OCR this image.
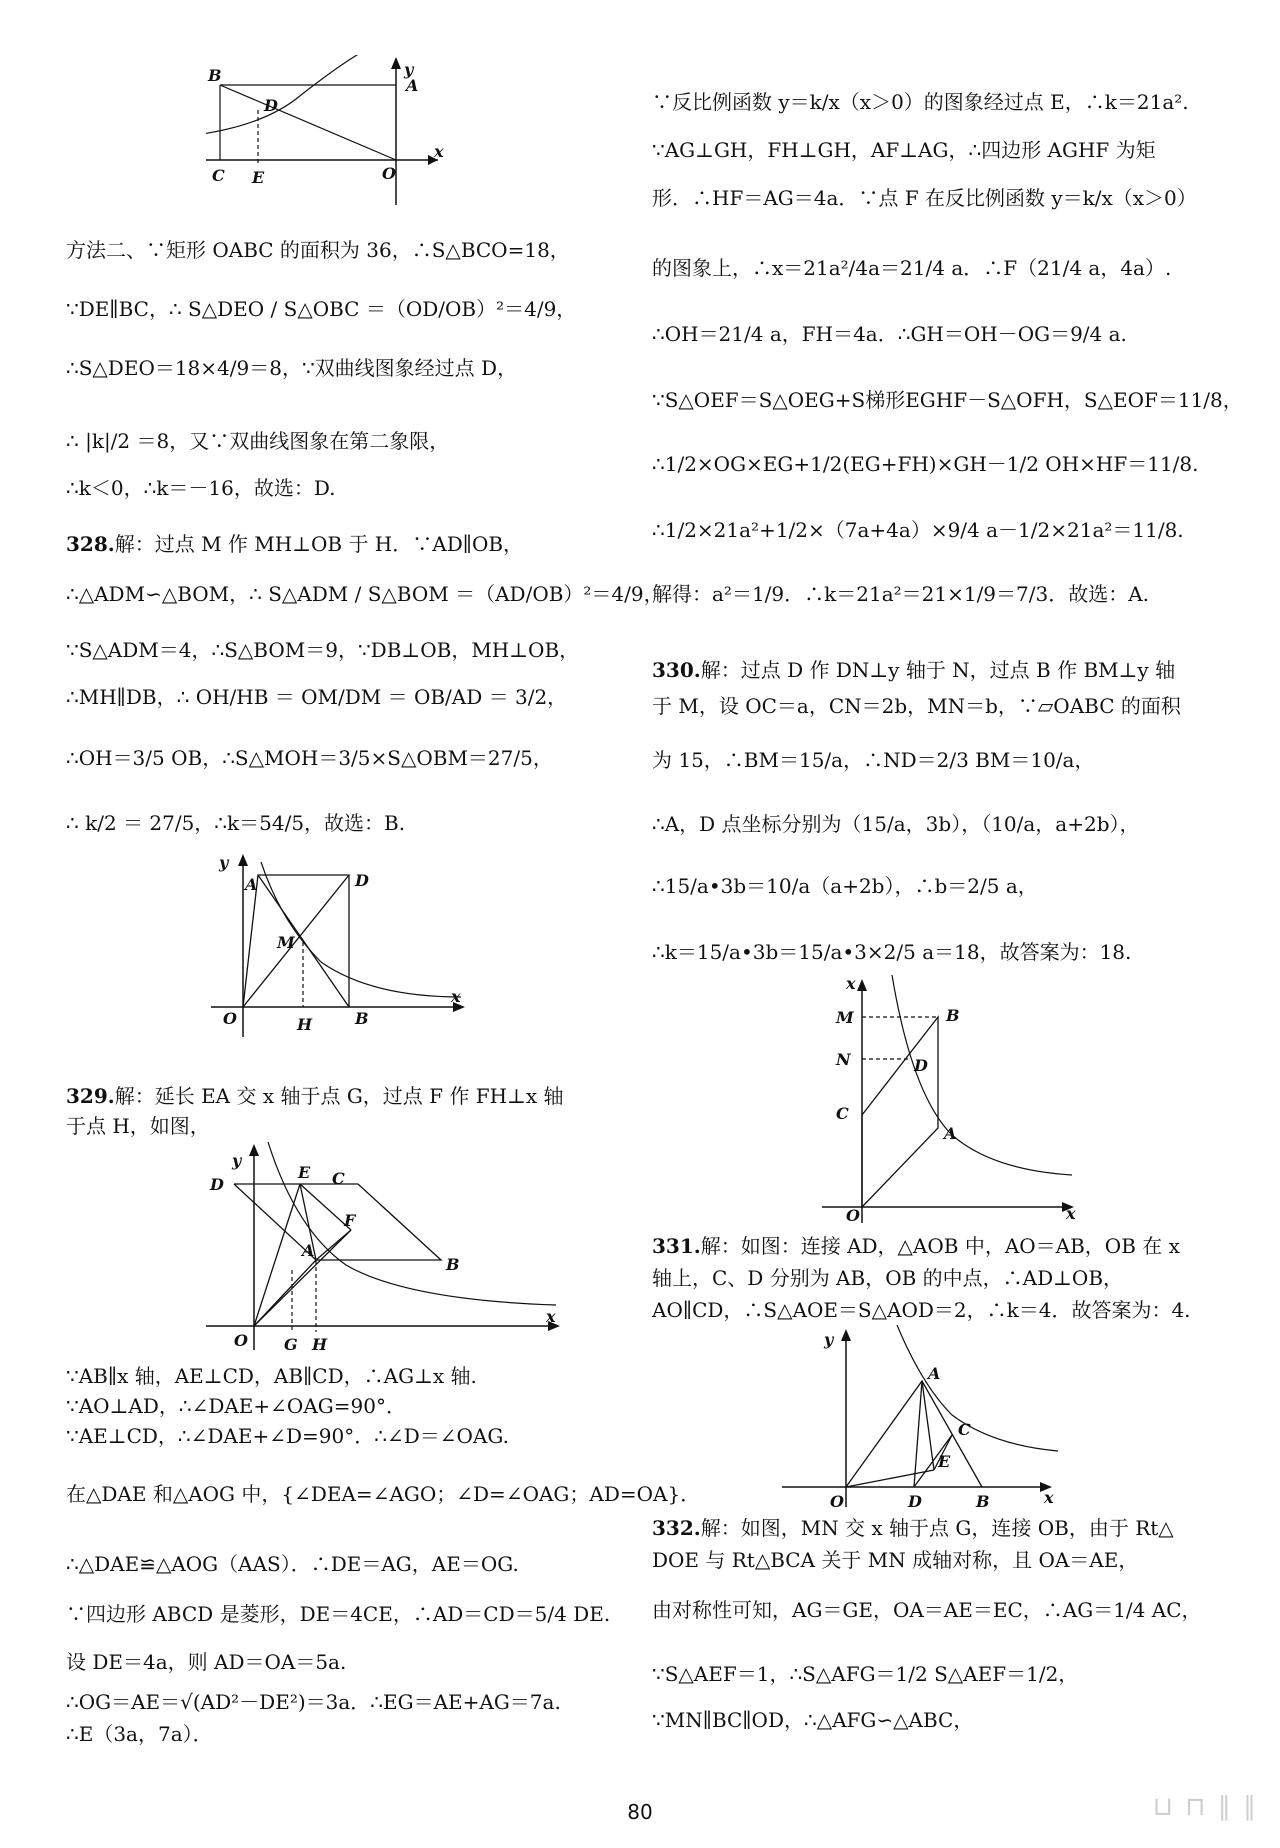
B
A
y
D
C E	O
x
方法二、∵矩形 OABC 的面积为 36，∴S△BCO=18，
∵DE∥BC，∴ S△DEO / S△OBC ＝（OD/OB）²＝4/9，
∴S△DEO＝18×4/9＝8，∵双曲线图象经过点 D，
∴ |k|/2 ＝8，又∵双曲线图象在第二象限，
∴k＜0，∴k＝－16，故选：D.
328.解：过点 M 作 MH⊥OB 于 H．∵AD∥OB，
∴△ADM∽△BOM，∴ S△ADM / S△BOM ＝（AD/OB）²＝4/9，
∵S△ADM＝4，∴S△BOM＝9，∵DB⊥OB，MH⊥OB，
∴MH∥DB，∴ OH/HB ＝ OM/DM ＝ OB/AD ＝ 3/2，
∴OH＝3/5 OB，∴S△MOH＝3/5×S△OBM＝27/5，
∴ k/2 ＝ 27/5，∴k＝54/5，故选：B.
y
A	D
M
O	H	B
x
329.解：延长 EA 交 x 轴于点 G，过点 F 作 FH⊥x 轴
于点 H，如图，
y
E C
D
F
A
B
O G H
x
∵AB∥x 轴，AE⊥CD，AB∥CD，∴AG⊥x 轴.
∵AO⊥AD，∴∠DAE+∠OAG=90°．
∵AE⊥CD，∴∠DAE+∠D=90°．∴∠D＝∠OAG.
在△DAE 和△AOG 中，{∠DEA=∠AGO；∠D=∠OAG；AD=OA}．
∴△DAE≌△AOG（AAS）．∴DE＝AG，AE＝OG.
∵四边形 ABCD 是菱形，DE＝4CE，∴AD＝CD＝5/4 DE.
设 DE＝4a，则 AD＝OA＝5a.
∴OG＝AE＝√(AD²－DE²)＝3a．∴EG＝AE+AG＝7a.
∴E（3a，7a）．
∵反比例函数 y＝k/x（x＞0）的图象经过点 E，∴k＝21a².
∵AG⊥GH，FH⊥GH，AF⊥AG，∴四边形 AGHF 为矩
形．∴HF＝AG＝4a．∵点 F 在反比例函数 y＝k/x（x＞0）
的图象上，∴x＝21a²/4a＝21/4 a．∴F（21/4 a，4a）.
∴OH＝21/4 a，FH＝4a．∴GH＝OH－OG＝9/4 a.
∵S△OEF＝S△OEG+S梯形EGHF－S△OFH，S△EOF＝11/8，
∴1/2×OG×EG+1/2(EG+FH)×GH－1/2 OH×HF＝11/8.
∴1/2×21a²+1/2×（7a+4a）×9/4 a－1/2×21a²＝11/8.
解得：a²＝1/9．∴k＝21a²＝21×1/9＝7/3．故选：A.
330.解：过点 D 作 DN⊥y 轴于 N，过点 B 作 BM⊥y 轴
于 M，设 OC＝a，CN＝2b，MN＝b，∵▱OABC 的面积
为 15，∴BM＝15/a，∴ND＝2/3 BM＝10/a，
∴A，D 点坐标分别为（15/a，3b），（10/a，a+2b），
∴15/a•3b＝10/a（a+2b），∴b＝2/5 a，
∴k＝15/a•3b＝15/a•3×2/5 a＝18，故答案为：18.
x
M	B
N	D
C
A
O	x
331.解：如图：连接 AD，△AOB 中，AO＝AB，OB 在 x
轴上，C、D 分别为 AB，OB 的中点，∴AD⊥OB，
AO∥CD，∴S△AOE＝S△AOD＝2，∴k＝4．故答案为：4.
y
A
C
E
O	D	B	x
332.解：如图，MN 交 x 轴于点 G，连接 OB，由于 Rt△
DOE 与 Rt△BCA 关于 MN 成轴对称，且 OA＝AE，
由对称性可知，AG＝GE，OA＝AE＝EC，∴AG＝1/4 AC，
∵S△AEF＝1，∴S△AFG＝1/2 S△AEF＝1/2，
∵MN∥BC∥OD，∴△AFG∽△ABC，
80	⊔ ⊓ ∥ ∥
